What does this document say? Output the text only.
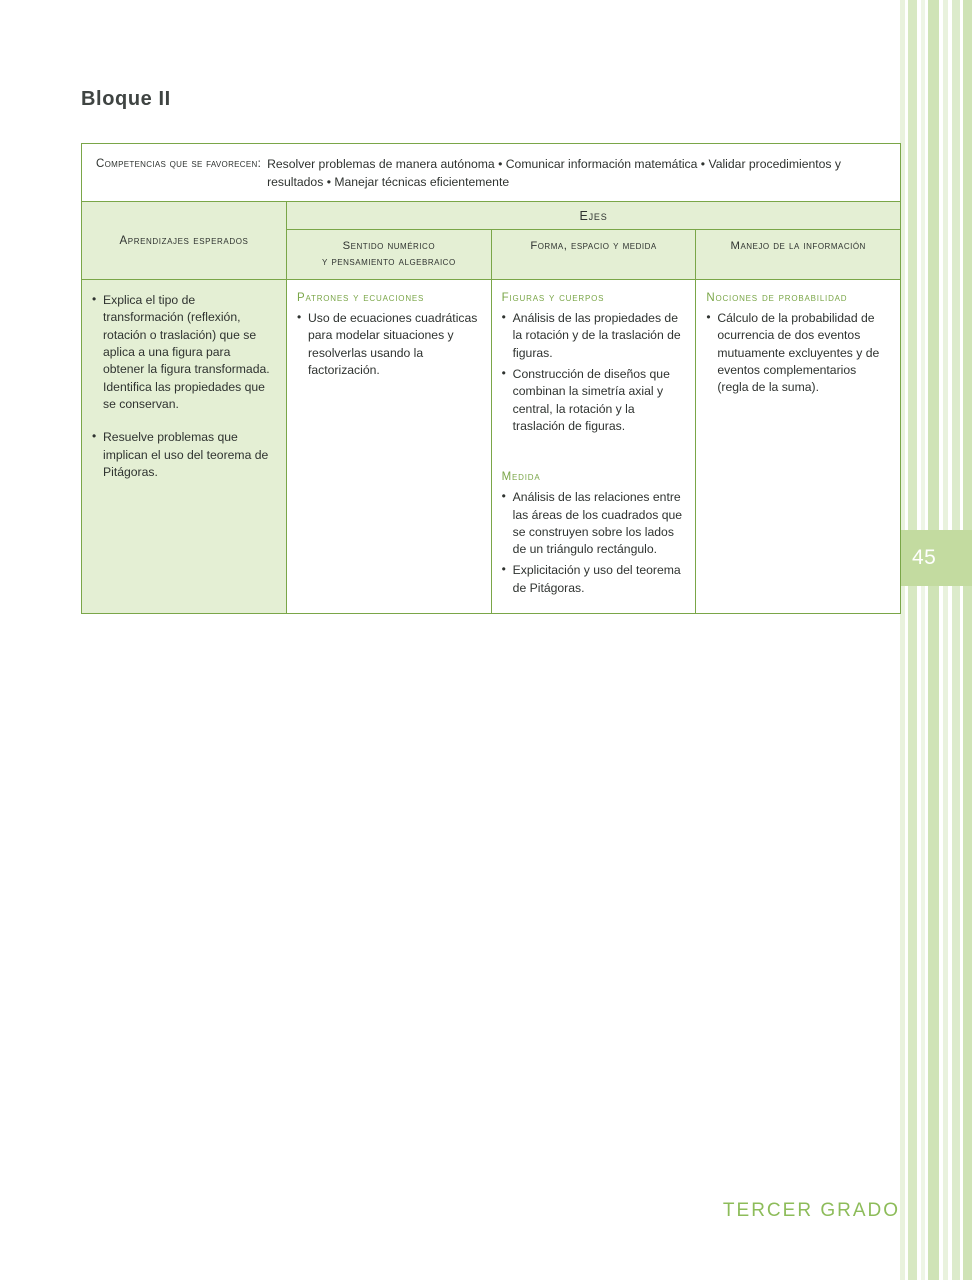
45
Bloque II
Competencias que se favorecen: Resolver problemas de manera autónoma • Comunicar información matemática • Validar procedimientos y resultados • Manejar técnicas eficientemente
Aprendizajes esperados
Ejes
Sentido numérico
y pensamiento algebraico
Forma, espacio y medida	Manejo de la información
• Explica el tipo de transformación (reflexión, rotación o traslación) que se aplica a una figura para obtener la figura transformada. Identifica las propiedades que se conservan.
• Resuelve problemas que implican el uso del teorema de Pitágoras.
Patrones y ecuaciones
• Uso de ecuaciones cuadráticas para modelar situaciones y resolverlas usando la factorización.
Figuras y cuerpos
• Análisis de las propiedades de la rotación y de la traslación de figuras.
• Construcción de diseños que combinan la simetría axial y central, la rotación y la traslación de figuras.
Medida
• Análisis de las relaciones entre las áreas de los cuadrados que se construyen sobre los lados de un triángulo rectángulo.
• Explicitación y uso del teorema de Pitágoras.
Nociones de probabilidad
• Cálculo de la probabilidad de ocurrencia de dos eventos mutuamente excluyentes y de eventos complementarios (regla de la suma).
TERCER GRADO
